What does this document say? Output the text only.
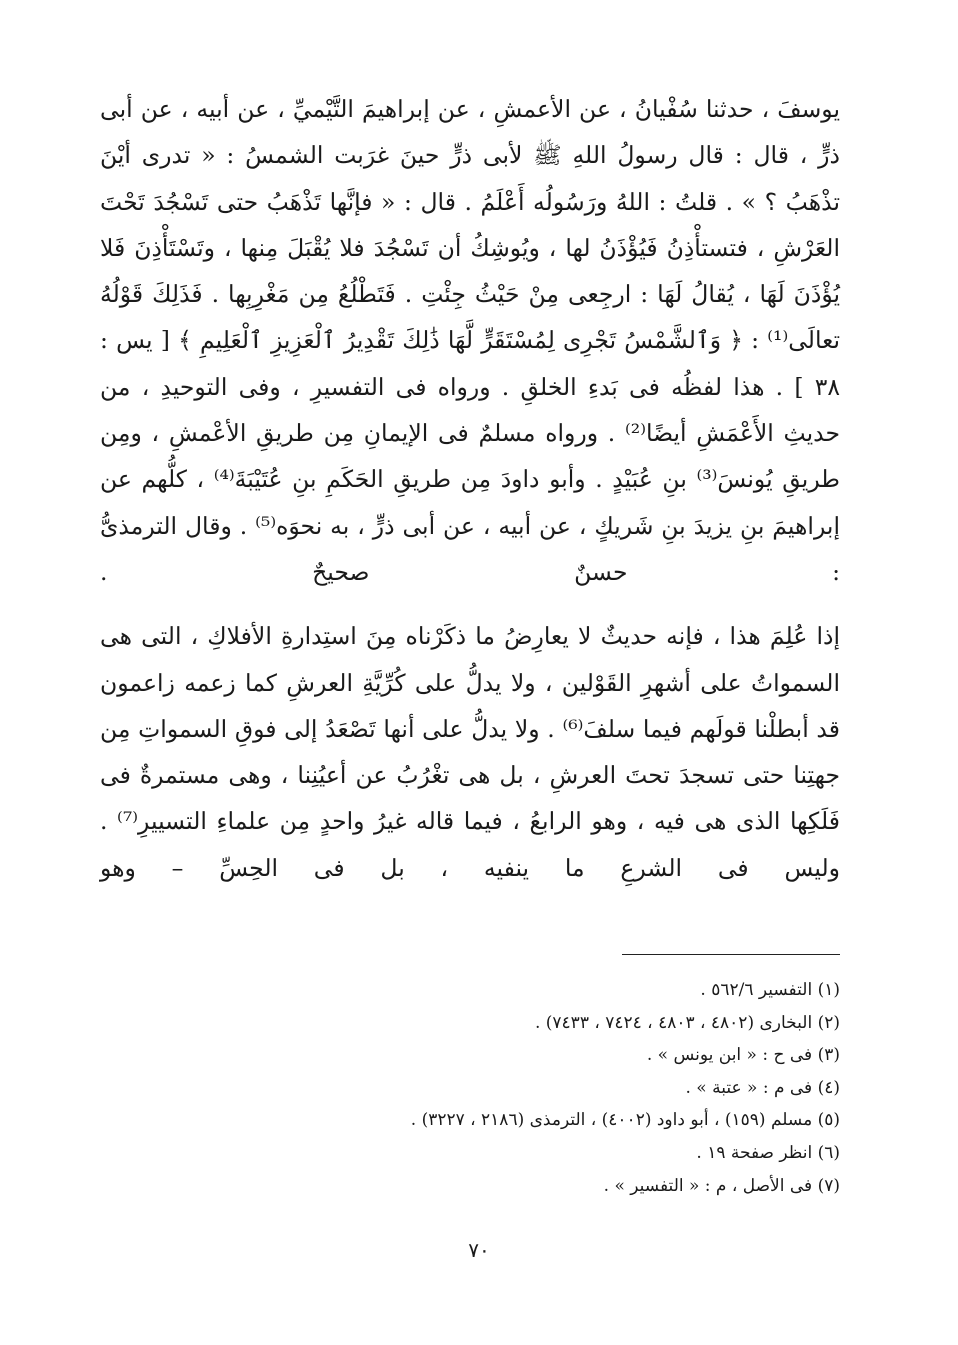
يوسفَ ، حدثنا سُفْيانُ ، عن الأعمشِ ، عن إبراهيمَ التَّيْميِّ ، عن أبيه ، عن أبى ذرٍّ ، قال : قال رسولُ اللهِ ﷺ لأبى ذرٍّ حينَ غرَبت الشمسُ : « تدرى أيْنَ تذْهَبُ ؟ » . قلتُ : اللهُ ورَسُولُه أَعْلَمُ . قال : « فإنَّها تَذْهَبُ حتى تَسْجُدَ تَحْتَ العَرْشِ ، فتستأْذِنُ فَيُؤْذَنُ لها ، ويُوشِكُ أن تَسْجُدَ فلا يُقْبَلَ مِنها ، وتَسْتَأْذِنَ فَلا يُؤْذَنَ لَهَا ، يُقالُ لَهَا : ارجِعى مِنْ حَيْثُ جِئْتِ . فَتَطْلُعُ مِن مَغْرِبِها . فَذَلِكَ قَوْلُهُ تعالَى⁽¹⁾ : ﴿ وَٱلشَّمْسُ تَجْرِى لِمُسْتَقَرٍّ لَّهَا ذَٰلِكَ تَقْدِيرُ ٱلْعَزِيزِ ٱلْعَلِيمِ ﴾ [ يس : ٣٨ ] . هذا لفظُه فى بَدءِ الخلقِ . ورواه فى التفسيرِ ، وفى التوحيدِ ، من حديثِ الأَعْمَشِ أيضًا⁽²⁾ . ورواه مسلمٌ فى الإيمانِ مِن طريقِ الأعْمشِ ، ومِن طريقِ يُونسَ⁽³⁾ بنِ عُبَيْدٍ . وأبو داودَ مِن طريقِ الحَكَمِ بنِ عُتَيْبَةَ⁽⁴⁾ ، كلُّهم عن إبراهيمَ بنِ يزيدَ بنِ شَريكٍ ، عن أبيه ، عن أبى ذرٍّ ، به نحوَه⁽⁵⁾ . وقال الترمذىُّ : حسنٌ صحيحٌ .

إذا عُلِمَ هذا ، فإنه حديثٌ لا يعارِضُ ما ذكَرْناه مِنَ استِدارةِ الأفلاكِ ، التى هى السمواتُ على أشهرِ القَوْلين ، ولا يدلُّ على كُرِّيَّةِ العرشِ كما زعمه زاعمون قد أبطلْنا قولَهم فيما سلفَ⁽⁶⁾ . ولا يدلُّ على أنها تَصْعَدُ إلى فوقِ السمواتِ مِن جهتِنا حتى تسجدَ تحتَ العرشِ ، بل هى تغْرُبُ عن أعيُنِنا ، وهى مستمرةٌ فى فَلَكِها الذى هى فيه ، وهو الرابعُ ، فيما قاله غيرُ واحدٍ مِن علماءِ التسييرِ⁽⁷⁾ . وليس فى الشرعِ ما ينفيه ، بل فى الحِسِّ – وهو

(١) التفسير ٥٦٢/٦ .
(٢) البخارى (٤٨٠٢ ، ٤٨٠٣ ، ٧٤٢٤ ، ٧٤٣٣) .
(٣) فى ح : « ابن يونس » .
(٤) فى م : « عتبة » .
(٥) مسلم (١٥٩) ، أبو داود (٤٠٠٢) ، الترمذى (٢١٨٦ ، ٣٢٢٧) .
(٦) انظر صفحة ١٩ .
(٧) فى الأصل ، م : « التفسير » .
٧٠
